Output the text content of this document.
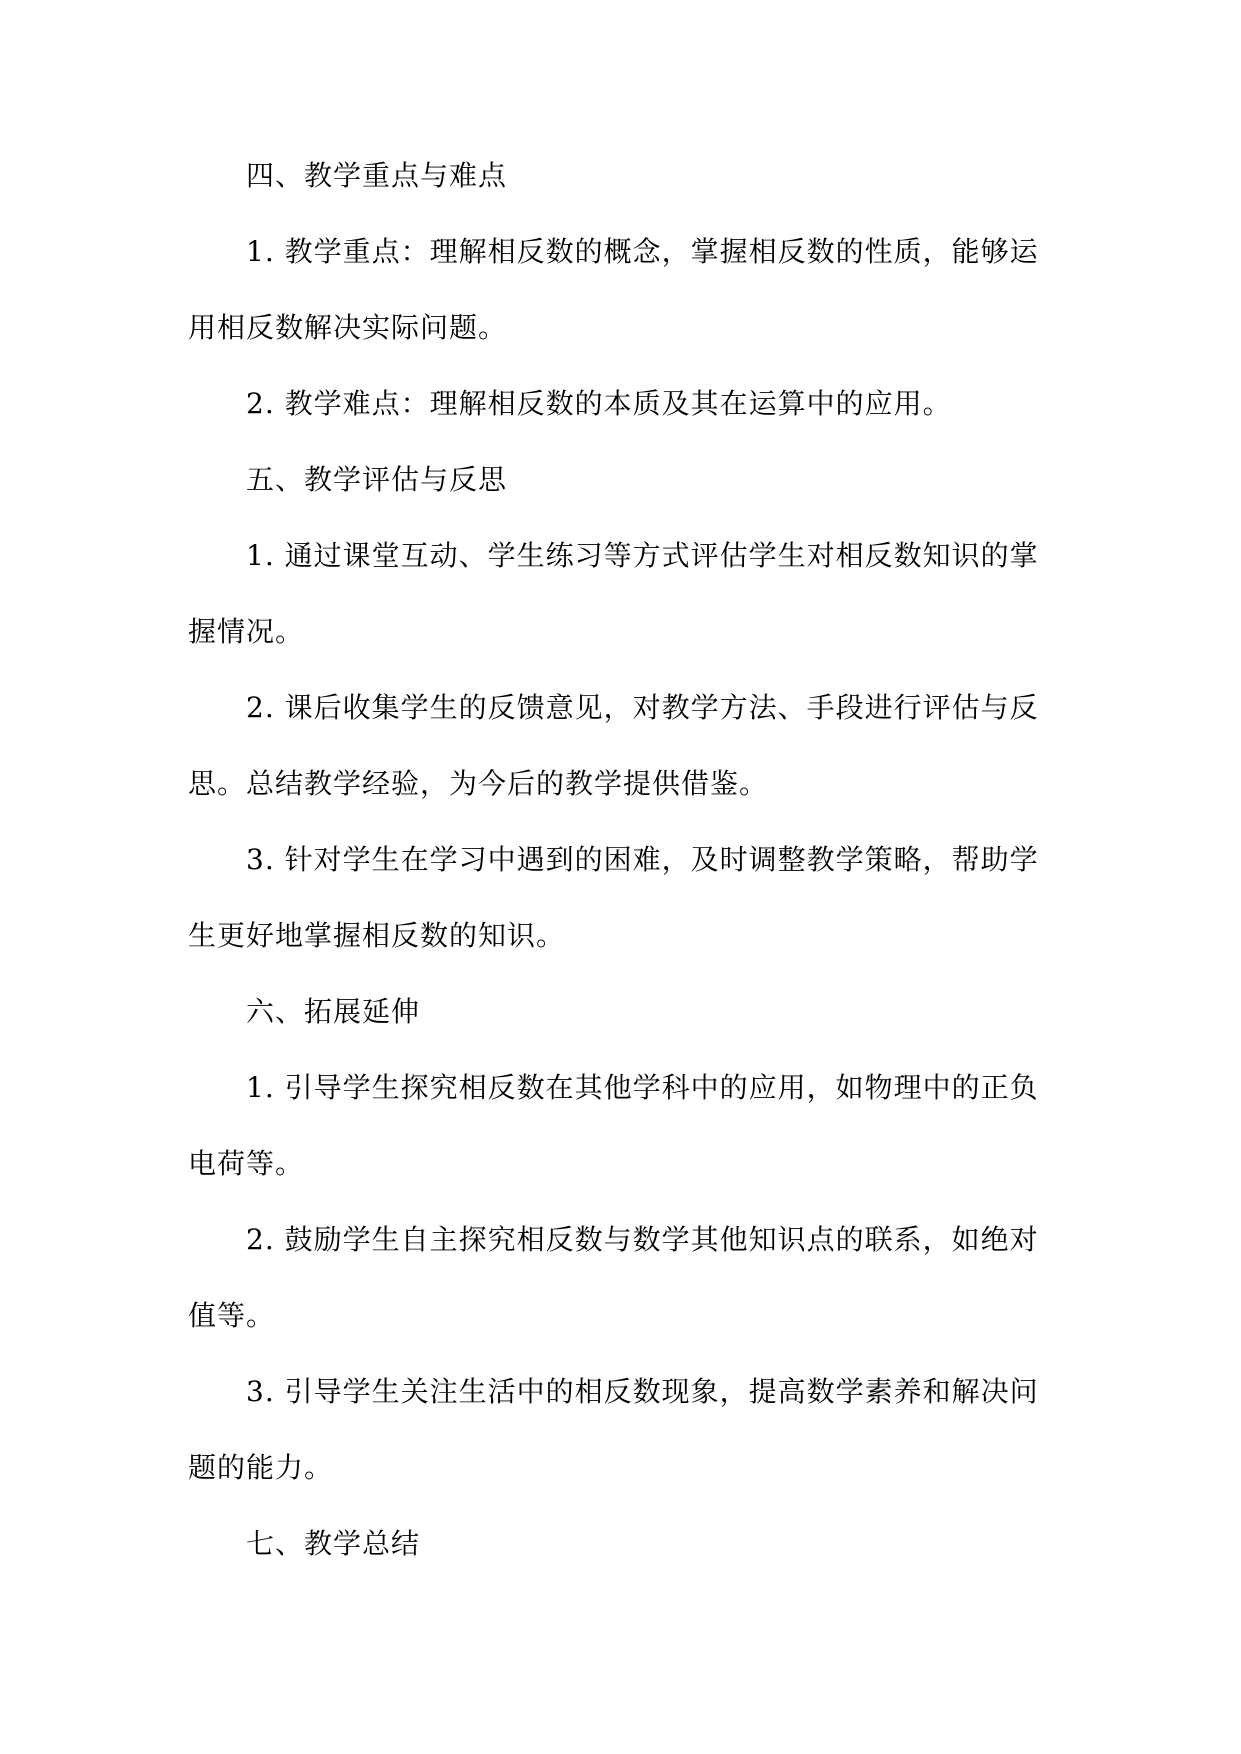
四、教学重点与难点

1. 教学重点：理解相反数的概念，掌握相反数的性质，能够运用相反数解决实际问题。

2. 教学难点：理解相反数的本质及其在运算中的应用。

五、教学评估与反思

1. 通过课堂互动、学生练习等方式评估学生对相反数知识的掌握情况。

2. 课后收集学生的反馈意见，对教学方法、手段进行评估与反思。总结教学经验，为今后的教学提供借鉴。

3. 针对学生在学习中遇到的困难，及时调整教学策略，帮助学生更好地掌握相反数的知识。

六、拓展延伸

1. 引导学生探究相反数在其他学科中的应用，如物理中的正负电荷等。

2. 鼓励学生自主探究相反数与数学其他知识点的联系，如绝对值等。

3. 引导学生关注生活中的相反数现象，提高数学素养和解决问题的能力。

七、教学总结
